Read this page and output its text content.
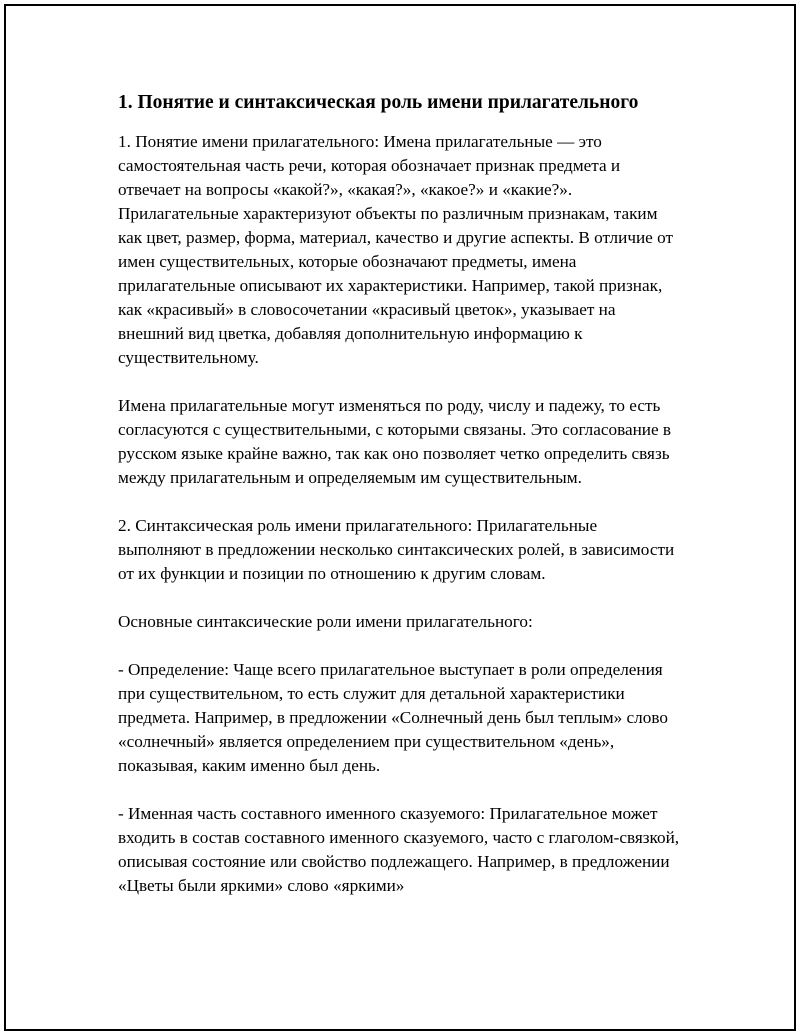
1. Понятие и синтаксическая роль имени прилагательного

1. Понятие имени прилагательного: Имена прилагательные — это самостоятельная часть речи, которая обозначает признак предмета и отвечает на вопросы «какой?», «какая?», «какое?» и «какие?». Прилагательные характеризуют объекты по различным признакам, таким как цвет, размер, форма, материал, качество и другие аспекты. В отличие от имен существительных, которые обозначают предметы, имена прилагательные описывают их характеристики. Например, такой признак, как «красивый» в словосочетании «красивый цветок», указывает на внешний вид цветка, добавляя дополнительную информацию к существительному.

Имена прилагательные могут изменяться по роду, числу и падежу, то есть согласуются с существительными, с которыми связаны. Это согласование в русском языке крайне важно, так как оно позволяет четко определить связь между прилагательным и определяемым им существительным.

2. Синтаксическая роль имени прилагательного: Прилагательные выполняют в предложении несколько синтаксических ролей, в зависимости от их функции и позиции по отношению к другим словам.

Основные синтаксические роли имени прилагательного:

- Определение: Чаще всего прилагательное выступает в роли определения при существительном, то есть служит для детальной характеристики предмета. Например, в предложении «Солнечный день был теплым» слово «солнечный» является определением при существительном «день», показывая, каким именно был день.

- Именная часть составного именного сказуемого: Прилагательное может входить в состав составного именного сказуемого, часто с глаголом-связкой, описывая состояние или свойство подлежащего. Например, в предложении «Цветы были яркими» слово «яркими»
